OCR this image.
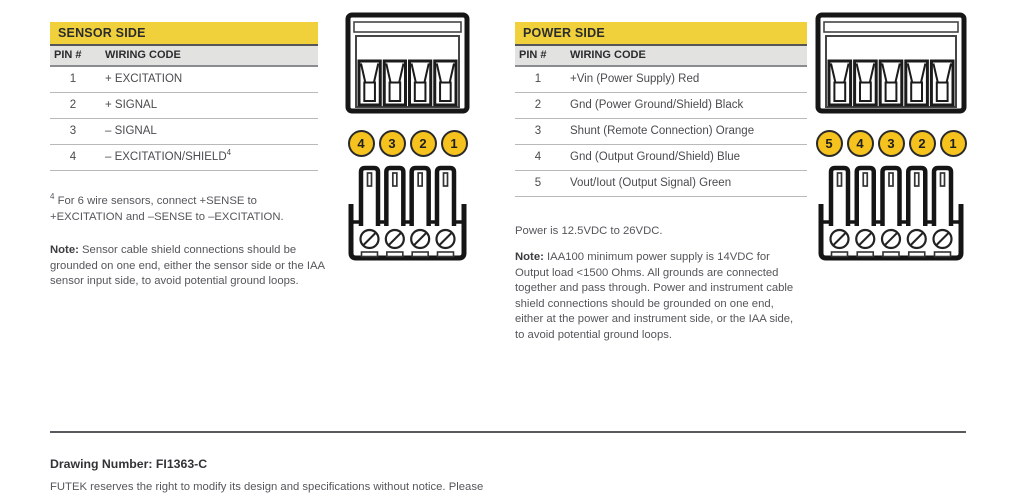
SENSOR SIDE
PIN #	WIRING CODE
1	+ EXCITATION
2	+ SIGNAL
3	– SIGNAL
4	– EXCITATION/SHIELD$^4$

$^4$ For 6 wire sensors, connect +SENSE to +EXCITATION and –SENSE to –EXCITATION.

Note: Sensor cable shield connections should be grounded on one end, either the sensor side or the IAA sensor input side, to avoid potential ground loops.

4	3	2	1
POWER SIDE
PIN #	WIRING CODE
1	+Vin (Power Supply) Red
2	Gnd (Power Ground/Shield) Black
3	Shunt (Remote Connection) Orange
4	Gnd (Output Ground/Shield) Blue
5	Vout/Iout (Output Signal) Green

Power is 12.5VDC to 26VDC.

Note: IAA100 minimum power supply is 14VDC for Output load <1500 Ohms. All grounds are connected together and pass through. Power and instrument cable shield connections should be grounded on one end, either at the power and instrument side, or the IAA side, to avoid potential ground loops.

5	4	3	2	1
Drawing Number: FI1363-C
FUTEK reserves the right to modify its design and specifications without notice. Please
